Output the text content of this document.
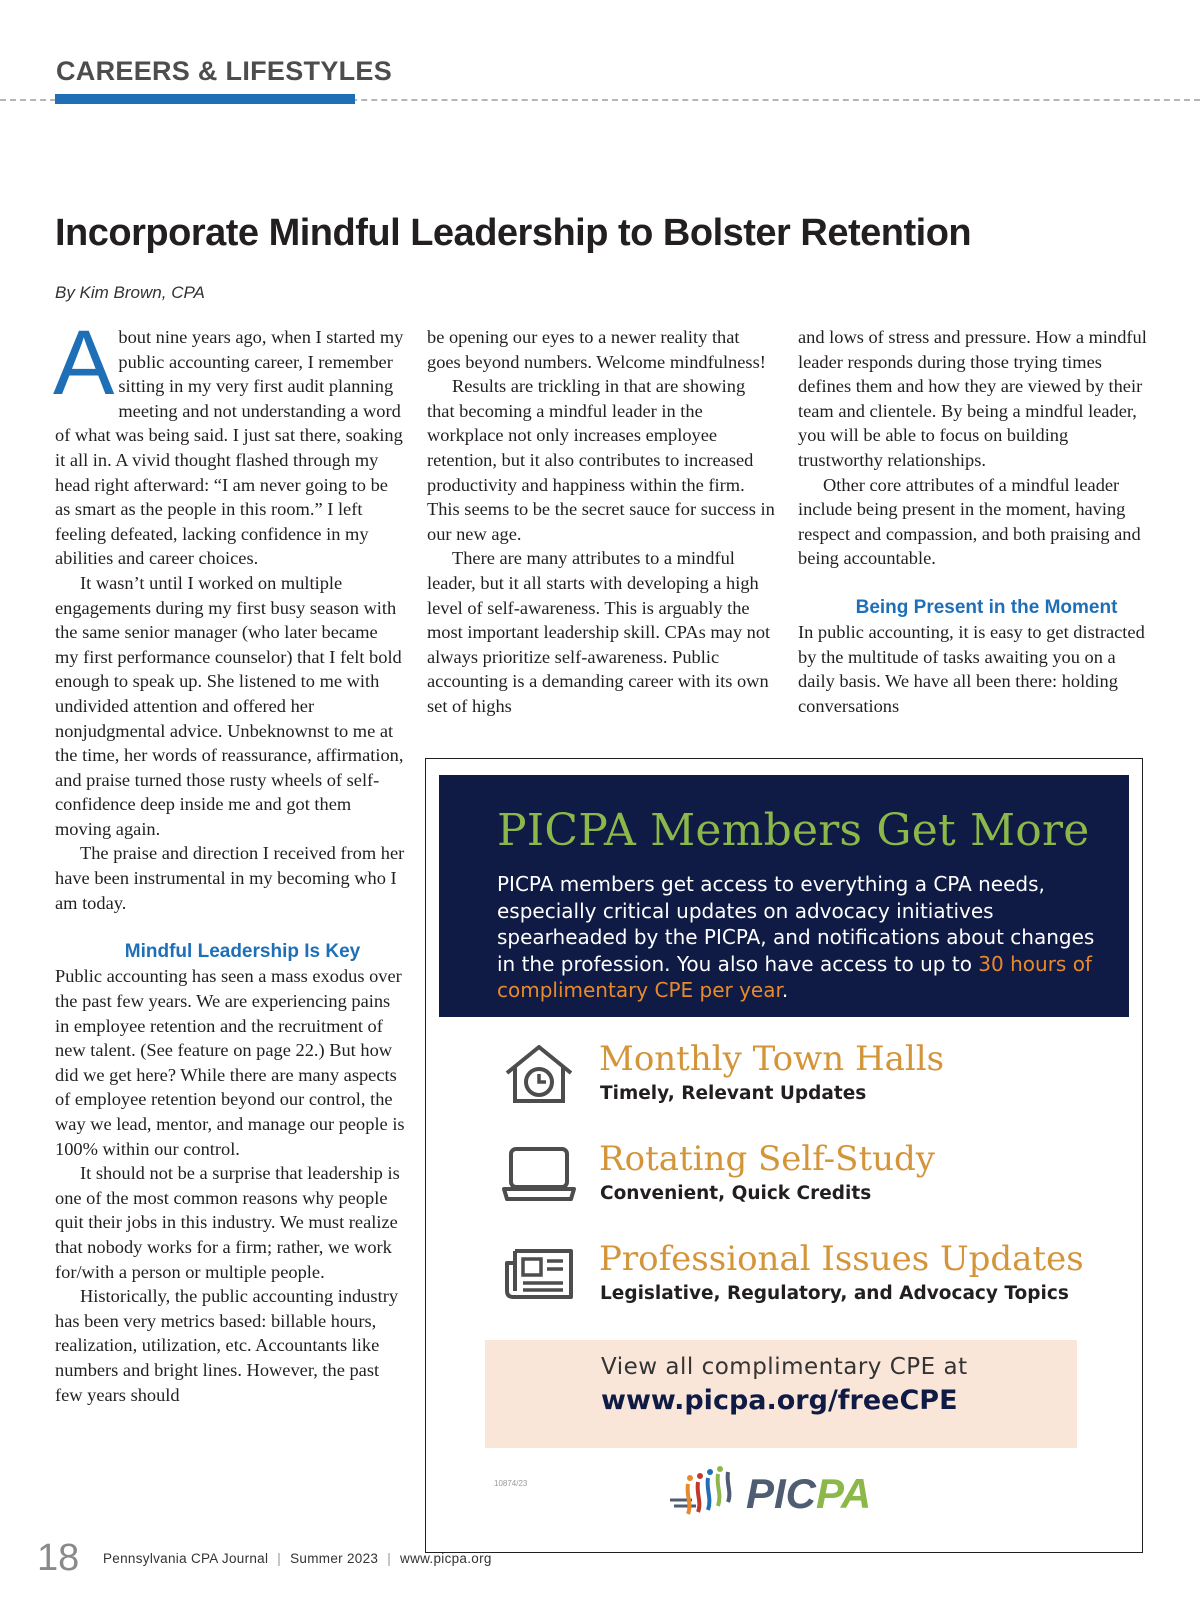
CAREERS & LIFESTYLES
Incorporate Mindful Leadership to Bolster Retention
By Kim Brown, CPA

About nine years ago, when I started my public accounting career, I remember sitting in my very first audit planning meeting and not understanding a word of what was being said. I just sat there, soaking it all in. A vivid thought flashed through my head right afterward: “I am never going to be as smart as the people in this room.” I left feeling defeated, lacking confidence in my abilities and career choices.

It wasn’t until I worked on multiple engagements during my first busy season with the same senior manager (who later became my first performance counselor) that I felt bold enough to speak up. She listened to me with undivided attention and offered her nonjudgmental advice. Unbeknownst to me at the time, her words of reassurance, affirmation, and praise turned those rusty wheels of self-confidence deep inside me and got them moving again.

The praise and direction I received from her have been instrumental in my becoming who I am today.

Mindful Leadership Is Key

Public accounting has seen a mass exodus over the past few years. We are experiencing pains in employee retention and the recruitment of new talent. (See feature on page 22.) But how did we get here? While there are many aspects of employee retention beyond our control, the way we lead, mentor, and manage our people is 100% within our control.

It should not be a surprise that leadership is one of the most common reasons why people quit their jobs in this industry. We must realize that nobody works for a firm; rather, we work for/with a person or multiple people.

Historically, the public accounting industry has been very metrics based: billable hours, realization, utilization, etc. Accountants like numbers and bright lines. However, the past few years should

be opening our eyes to a newer reality that goes beyond numbers. Welcome mindfulness!

Results are trickling in that are showing that becoming a mindful leader in the workplace not only increases employee retention, but it also contributes to increased productivity and happiness within the firm. This seems to be the secret sauce for success in our new age.

There are many attributes to a mindful leader, but it all starts with developing a high level of self-awareness. This is arguably the most important leadership skill. CPAs may not always prioritize self-awareness. Public accounting is a demanding career with its own set of highs

and lows of stress and pressure. How a mindful leader responds during those trying times defines them and how they are viewed by their team and clientele. By being a mindful leader, you will be able to focus on building trustworthy relationships.

Other core attributes of a mindful leader include being present in the moment, having respect and compassion, and both praising and being accountable.

Being Present in the Moment

In public accounting, it is easy to get distracted by the multitude of tasks awaiting you on a daily basis. We have all been there: holding conversations

PICPA Members Get More
PICPA members get access to everything a CPA needs, especially critical updates on advocacy initiatives spearheaded by the PICPA, and notifications about changes in the profession. You also have access to up to 30 hours of complimentary CPE per year.
Monthly Town Halls
Timely, Relevant Updates
Rotating Self-Study
Convenient, Quick Credits
Professional Issues Updates
Legislative, Regulatory, and Advocacy Topics
View all complimentary CPE at
www.picpa.org/freeCPE
10874/23	PICPA
18 Pennsylvania CPA Journal | Summer 2023 | www.picpa.org
